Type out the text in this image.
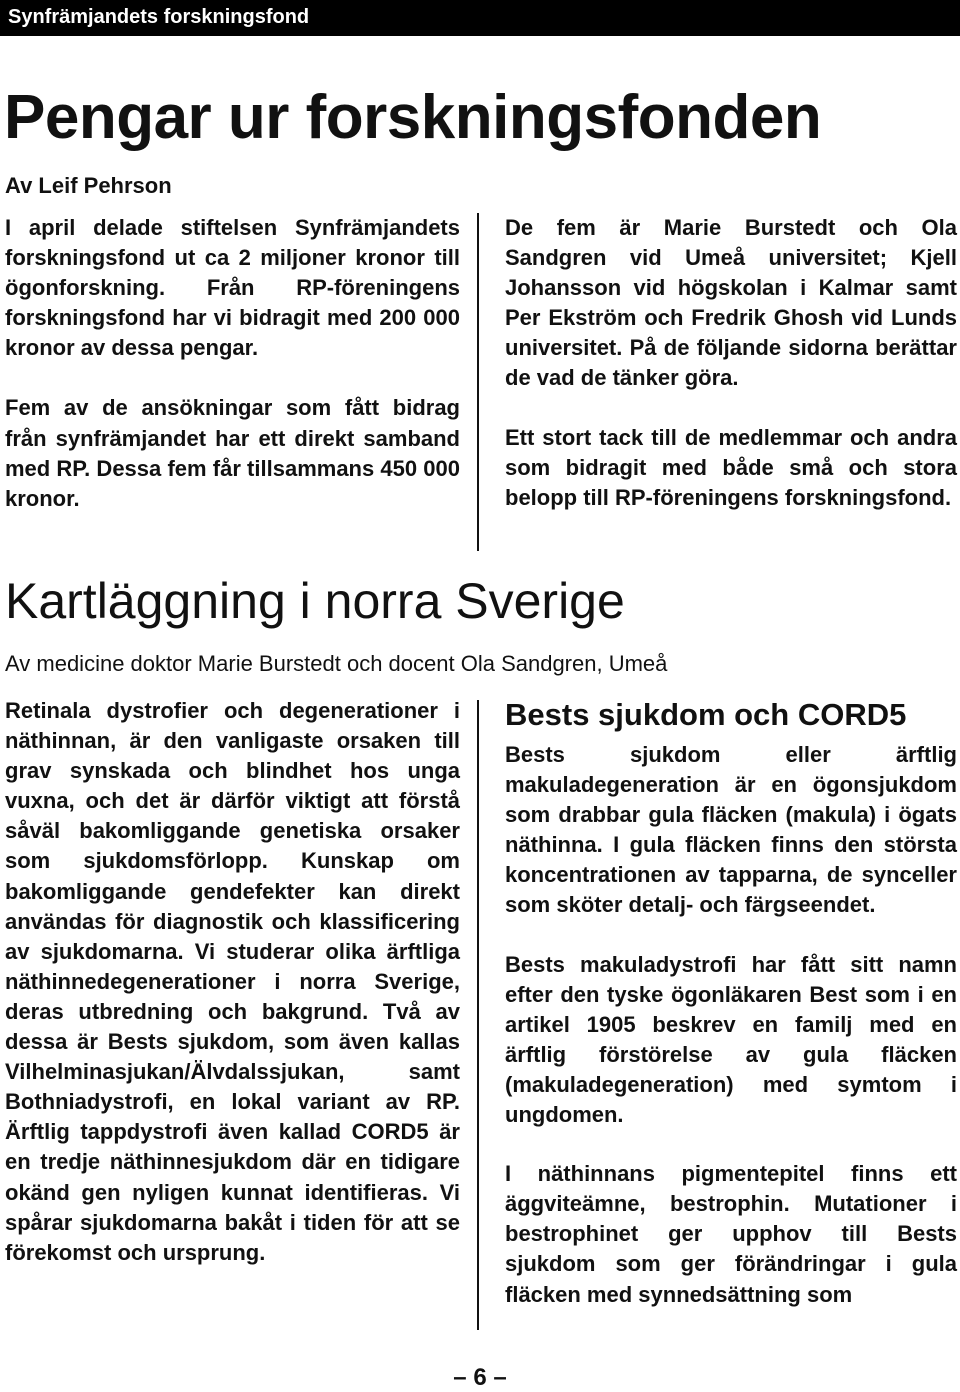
Synfrämjandets forskningsfond
Pengar ur forskningsfonden
Av Leif Pehrson

I april delade stiftelsen Synfrämjandets forskningsfond ut ca 2 miljoner kronor till ögonforskning. Från RP-föreningens forskningsfond har vi bidragit med 200 000 kronor av dessa pengar.

Fem av de ansökningar som fått bidrag från synfrämjandet har ett direkt samband med RP. Dessa fem får tillsammans 450 000 kronor.

De fem är Marie Burstedt och Ola Sandgren vid Umeå universitet; Kjell Johansson vid högskolan i Kalmar samt Per Ekström och Fredrik Ghosh vid Lunds universitet. På de följande sidorna berättar de vad de tänker göra.

Ett stort tack till de medlemmar och andra som bidragit med både små och stora belopp till RP-föreningens forskningsfond.

Kartläggning i norra Sverige
Av medicine doktor Marie Burstedt och docent Ola Sandgren, Umeå

Retinala dystrofier och degenerationer i näthinnan, är den vanligaste orsaken till grav synskada och blindhet hos unga vuxna, och det är därför viktigt att förstå såväl bakomliggande genetiska orsaker som sjukdomsförlopp. Kunskap om bakomliggande gendefekter kan direkt användas för diagnostik och klassificering av sjukdomarna. Vi studerar olika ärftliga näthinnedegenerationer i norra Sverige, deras utbredning och bakgrund. Två av dessa är Bests sjukdom, som även kallas Vilhelminasjukan/Älvdalssjukan, samt Bothniadystrofi, en lokal variant av RP. Ärftlig tappdystrofi även kallad CORD5 är en tredje näthinnesjukdom där en tidigare okänd gen nyligen kunnat identifieras. Vi spårar sjukdomarna bakåt i tiden för att se förekomst och ursprung.

Bests sjukdom och CORD5

Bests sjukdom eller ärftlig makuladegeneration är en ögonsjukdom som drabbar gula fläcken (makula) i ögats näthinna. I gula fläcken finns den största koncentrationen av tapparna, de synceller som sköter detalj- och färgseendet.

Bests makuladystrofi har fått sitt namn efter den tyske ögonläkaren Best som i en artikel 1905 beskrev en familj med en ärftlig förstörelse av gula fläcken (makuladegeneration) med symtom i ungdomen.

I näthinnans pigmentepitel finns ett äggviteämne, bestrophin. Mutationer i bestrophinet ger upphov till Bests sjukdom som ger förändringar i gula fläcken med synnedsättning som

– 6 –
